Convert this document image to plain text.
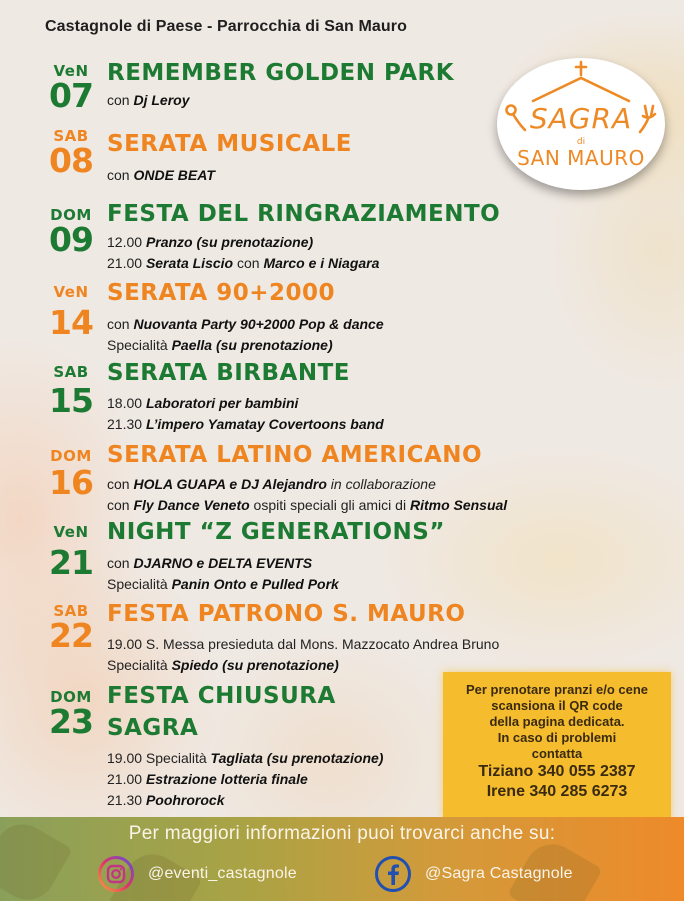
Castagnole di Paese - Parrocchia di San Mauro
SAGRA
di
SAN MAURO
VeN
07
REMEMBER GOLDEN PARK
con Dj Leroy
SAB
08 SERATA MUSICALE
con ONDE BEAT
DOM
09
FESTA DEL RINGRAZIAMENTO
12.00 Pranzo (su prenotazione)
21.00 Serata Liscio con Marco e i Niagara
VeN
14
SERATA 90+2000
con Nuovanta Party 90+2000 Pop & dance
Specialità Paella (su prenotazione)
SAB
15
SERATA BIRBANTE
18.00 Laboratori per bambini
21.30 L’impero Yamatay Covertoons band
DOM
16
SERATA LATINO AMERICANO
con HOLA GUAPA e DJ Alejandro in collaborazione
con Fly Dance Veneto ospiti speciali gli amici di Ritmo Sensual
VeN
21
NIGHT “Z GENERATIONS”
con DJARNO e DELTA EVENTS
Specialità Panin Onto e Pulled Pork
SAB
22
FESTA PATRONO S. MAURO
19.00 S. Messa presieduta dal Mons. Mazzocato Andrea Bruno
Specialità Spiedo (su prenotazione)
DOM
23
FESTA CHIUSURA
SAGRA
19.00 Specialità Tagliata (su prenotazione)
21.00 Estrazione lotteria finale
21.30 Poohrorock
Per prenotare pranzi e/o cene
scansiona il QR code
della pagina dedicata.
In caso di problemi
contatta
Tiziano 340 055 2387
Irene 340 285 6273
Per maggiori informazioni puoi trovarci anche su:
@eventi_castagnole	@Sagra Castagnole
